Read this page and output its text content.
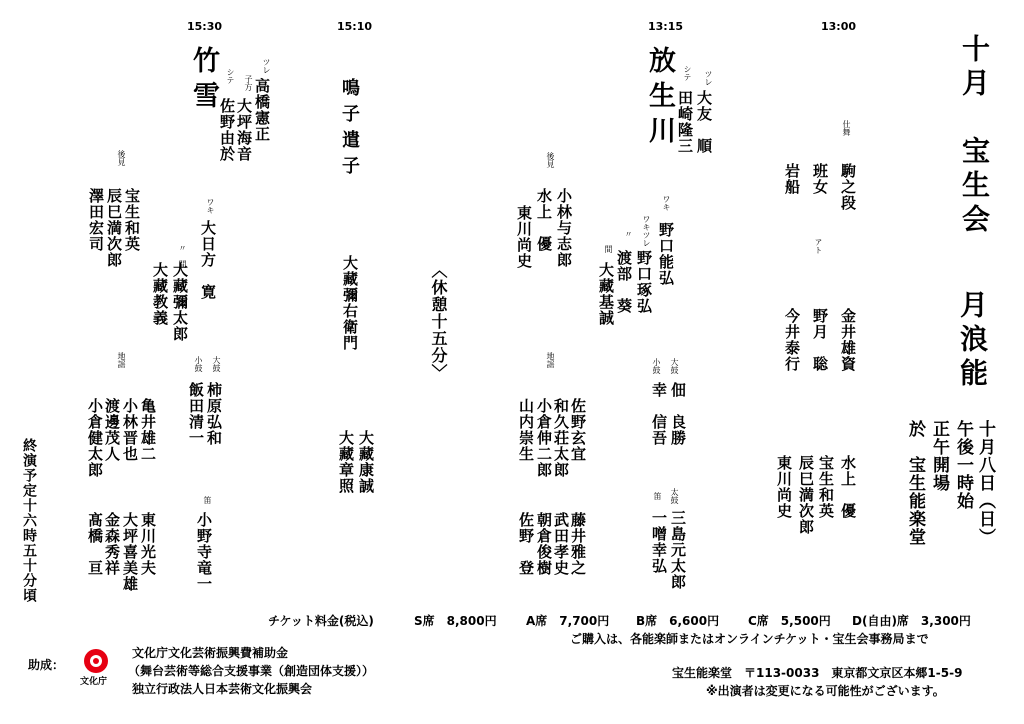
十月　宝生会
月浪能
十月八日（日）
午後一時始
正午開場
於　宝生能楽堂
13:00
13:15
15:10
15:30
仕舞
駒之段
班女
アト
岩船
金井雄資
野月　聡
今井泰行
水上　優
宝生和英
辰巳満次郎
東川尚史
放生川	ツレ
大友　順
シテ
田崎隆三
ワキ
野口能弘
ワキツレ
野口琢弘
〃
渡部　葵
間
大藏基誠
大鼓
佃　良勝
小鼓
幸　信吾
太鼓
三島元太郎
笛
一噌幸弘
後見
小林与志郎
水上　優
東川尚史
地謡
佐野玄宜
和久荘太郎
小倉伸二郎
山内崇生
藤井雅之
武田孝史
朝倉俊樹
佐野　登
鳴子遣子
大藏彌右衛門
大藏康誠
大藏章照
〈休憩十五分〉
竹雪	ツレ
高橋憲正
子方
大坪海音
シテ
佐野由於
ワキ
大日方　寛
〃　間
大藏教義 大藏彌太郎
大鼓
柿原弘和
小鼓
飯田清一
笛
小野寺竜一
後見
宝生和英
辰巳満次郎
澤田宏司
地謡
亀井雄二
小林晋也
渡邊茂人
小倉健太郎
東川光夫
大坪喜美雄
金森秀祥
髙橋　亘
終演予定十六時五十分頃
チケット料金(税込)	S席　8,800円 A席　7,700円 B席　6,600円 C席　5,500円 D(自由)席　3,300円
ご購入は、各能楽師またはオンラインチケット・宝生会事務局まで
助成：
文化庁
文化庁文化芸術振興費補助金
（舞台芸術等総合支援事業（創造団体支援））
独立行政法人日本芸術文化振興会
宝生能楽堂　〒113-0033　東京都文京区本郷1-5-9
※出演者は変更になる可能性がございます。
